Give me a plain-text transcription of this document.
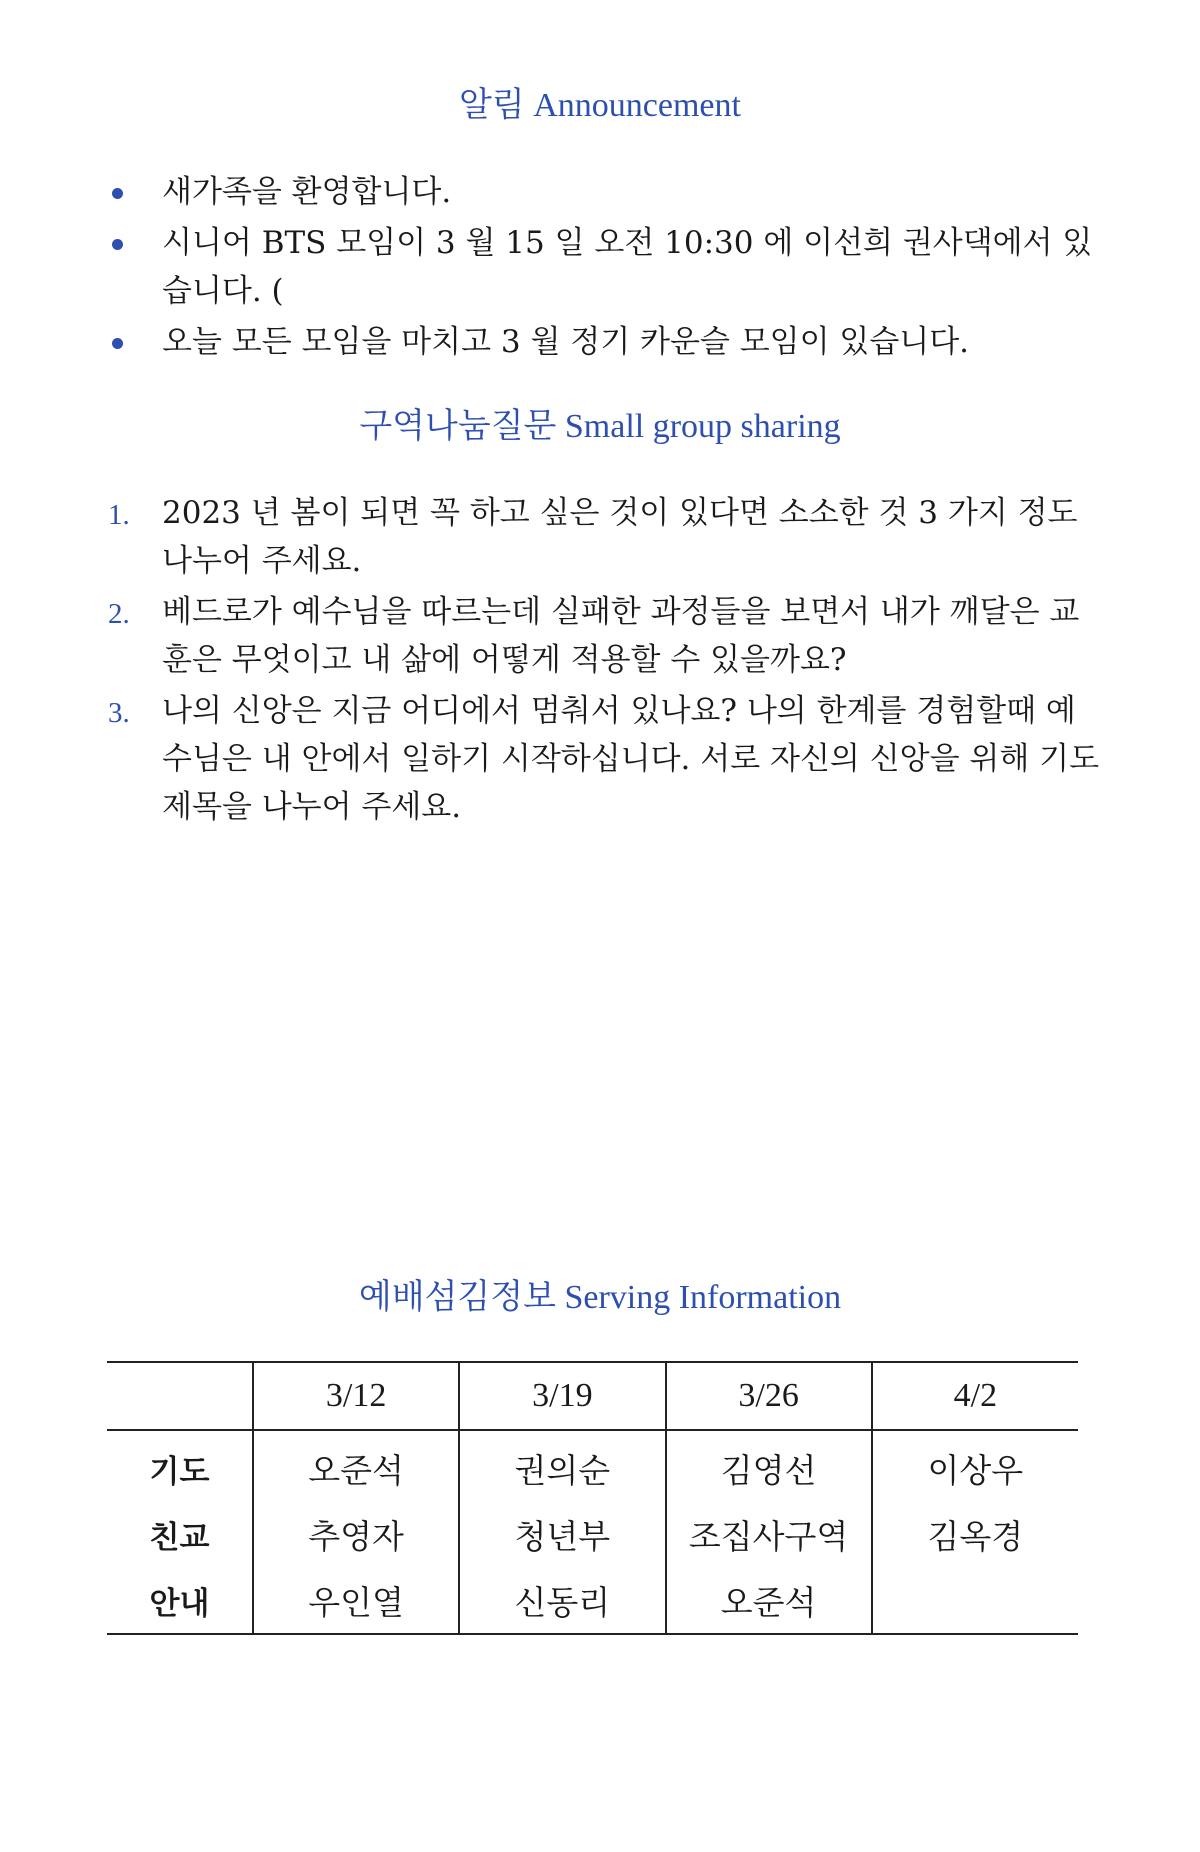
알림 Announcement
새가족을 환영합니다.
시니어 BTS 모임이 3 월 15 일 오전 10:30 에 이선희 권사댁에서 있습니다. (
오늘 모든 모임을 마치고 3 월 정기 카운슬 모임이 있습니다.
구역나눔질문 Small group sharing
1. 2023 년 봄이 되면 꼭 하고 싶은 것이 있다면 소소한 것 3 가지 정도 나누어 주세요.
2. 베드로가 예수님을 따르는데 실패한 과정들을 보면서 내가 깨달은 교훈은 무엇이고 내 삶에 어떻게 적용할 수 있을까요?
3. 나의 신앙은 지금 어디에서 멈춰서 있나요? 나의 한계를 경험할때 예수님은 내 안에서 일하기 시작하십니다. 서로 자신의 신앙을 위해 기도제목을 나누어 주세요.
예배섬김정보 Serving Information
	3/12	3/19	3/26	4/2
기도	오준석	권의순	김영선	이상우
친교	추영자	청년부	조집사구역	김옥경
안내	우인열	신동리	오준석	
